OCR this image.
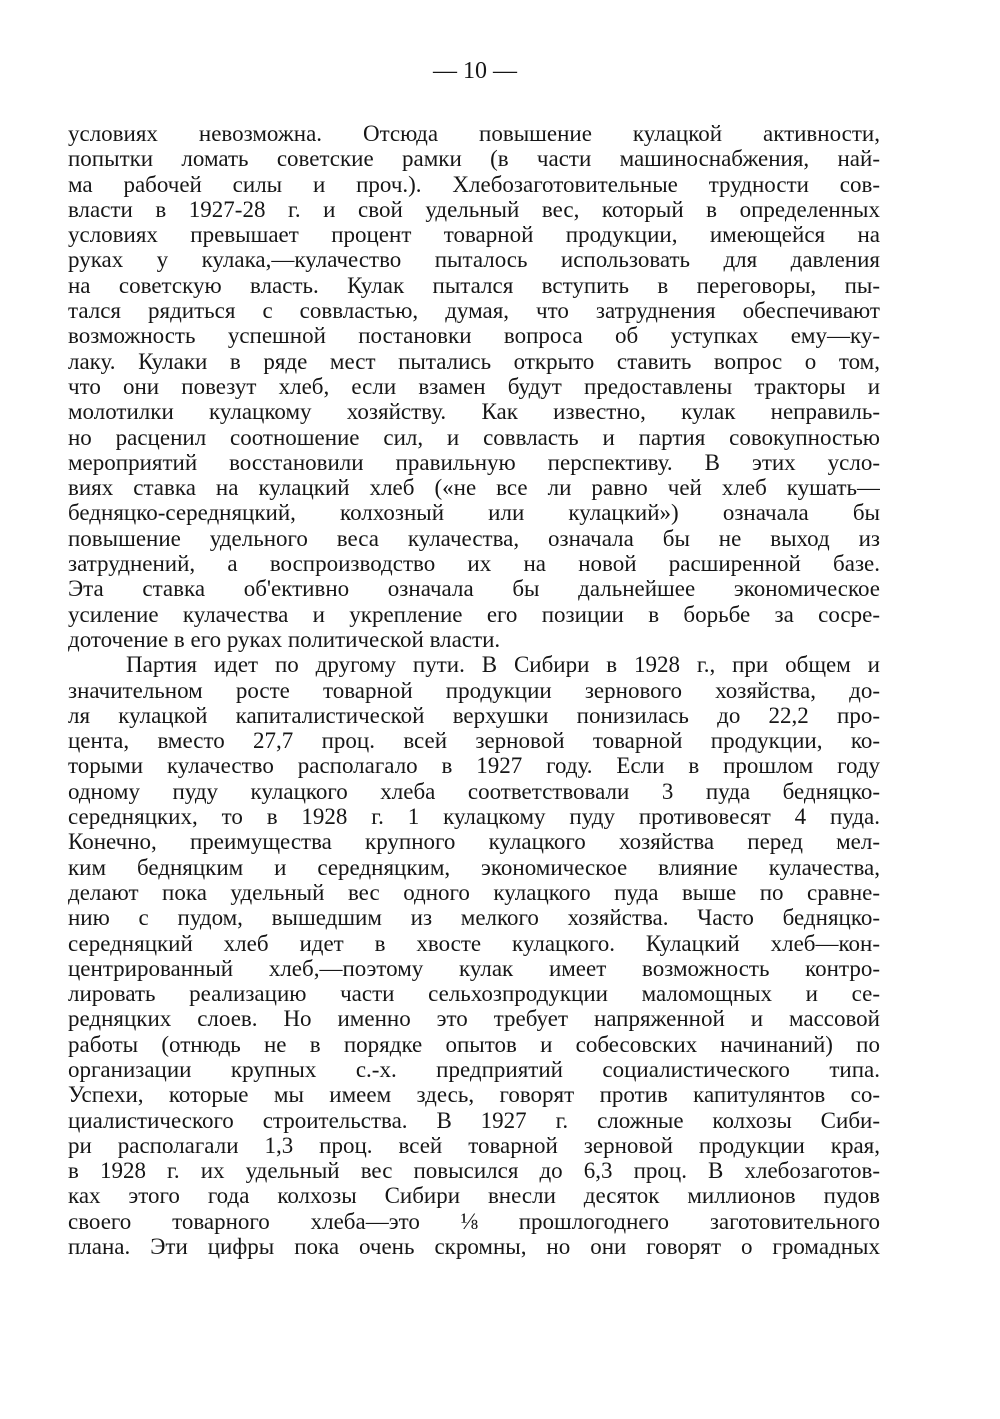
— 10 —
условиях невозможна. Отсюда повышение кулацкой активности,
попытки ломать советские рамки (в части машиноснабжения, най-
ма рабочей силы и проч.). Хлебозаготовительные трудности сов-
власти в 1927-28 г. и свой удельный вес, который в определенных
условиях превышает процент товарной продукции, имеющейся на
руках у кулака,—кулачество пыталось использовать для давления
на советскую власть. Кулак пытался вступить в переговоры, пы-
тался рядиться с соввластью, думая, что затруднения обеспечивают
возможность успешной постановки вопроса об уступках ему—ку-
лаку. Кулаки в ряде мест пытались открыто ставить вопрос о том,
что они повезут хлеб, если взамен будут предоставлены тракторы и
молотилки кулацкому хозяйству. Как известно, кулак неправиль-
но расценил соотношение сил, и соввласть и партия совокупностью
мероприятий восстановили правильную перспективу. В этих усло-
виях ставка на кулацкий хлеб («не все ли равно чей хлеб кушать—
бедняцко-середняцкий, колхозный или кулацкий») означала бы
повышение удельного веса кулачества, означала бы не выход из
затруднений, а воспроизводство их на новой расширенной базе.
Эта ставка об'ективно означала бы дальнейшее экономическое
усиление кулачества и укрепление его позиции в борьбе за сосре-
доточение в его руках политической власти.
Партия идет по другому пути. В Сибири в 1928 г., при общем и
значительном росте товарной продукции зернового хозяйства, до-
ля кулацкой капиталистической верхушки понизилась до 22,2 про-
цента, вместо 27,7 проц. всей зерновой товарной продукции, ко-
торыми кулачество располагало в 1927 году. Если в прошлом году
одному пуду кулацкого хлеба соответствовали 3 пуда бедняцко-
середняцких, то в 1928 г. 1 кулацкому пуду противовесят 4 пуда.
Конечно, преимущества крупного кулацкого хозяйства перед мел-
ким бедняцким и середняцким, экономическое влияние кулачества,
делают пока удельный вес одного кулацкого пуда выше по сравне-
нию с пудом, вышедшим из мелкого хозяйства. Часто бедняцко-
середняцкий хлеб идет в хвосте кулацкого. Кулацкий хлеб—кон-
центрированный хлеб,—поэтому кулак имеет возможность контро-
лировать реализацию части сельхозпродукции маломощных и се-
редняцких слоев. Но именно это требует напряженной и массовой
работы (отнюдь не в порядке опытов и собесовских начинаний) по
организации крупных с.-х. предприятий социалистического типа.
Успехи, которые мы имеем здесь, говорят против капитулянтов со-
циалистического строительства. В 1927 г. сложные колхозы Сиби-
ри располагали 1,3 проц. всей товарной зерновой продукции края,
в 1928 г. их удельный вес повысился до 6,3 проц. В хлебозаготов-
ках этого года колхозы Сибири внесли десяток миллионов пудов
своего товарного хлеба—это ⅛ прошлогоднего заготовительного
плана. Эти цифры пока очень скромны, но они говорят о громадных
